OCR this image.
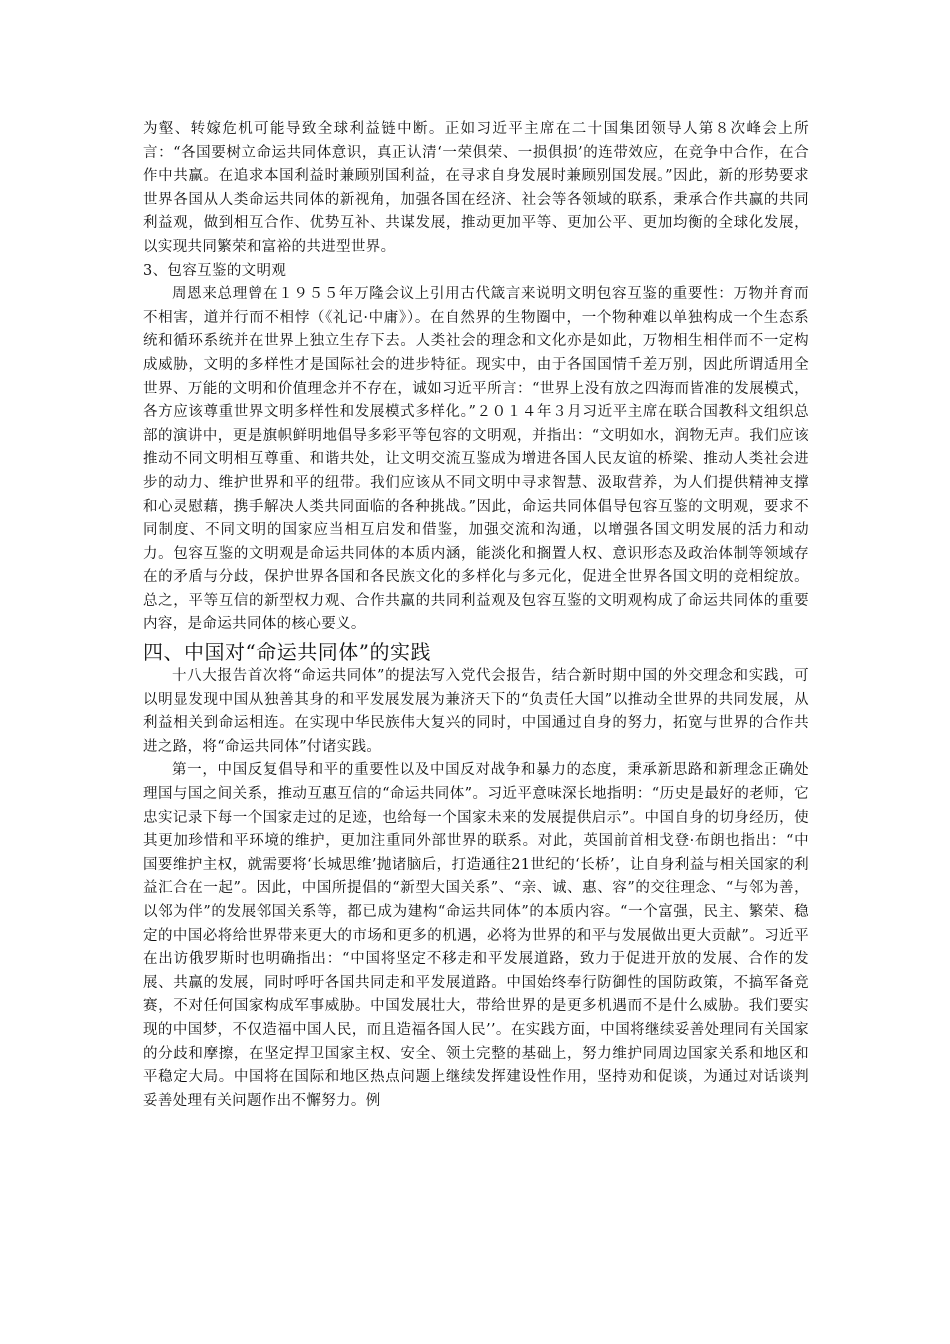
为壑、转嫁危机可能导致全球利益链中断。正如习近平主席在二十国集团领导人第８次峰会上所言：“各国要树立命运共同体意识，真正认清‘一荣俱荣、一损俱损’的连带效应，在竞争中合作，在合作中共赢。在追求本国利益时兼顾别国利益，在寻求自身发展时兼顾别国发展。”因此，新的形势要求世界各国从人类命运共同体的新视角，加强各国在经济、社会等各领域的联系，秉承合作共赢的共同利益观，做到相互合作、优势互补、共谋发展，推动更加平等、更加公平、更加均衡的全球化发展，以实现共同繁荣和富裕的共进型世界。

3、包容互鉴的文明观

周恩来总理曾在１９５５年万隆会议上引用古代箴言来说明文明包容互鉴的重要性：万物并育而不相害，道并行而不相悖（《礼记·中庸》）。在自然界的生物圈中，一个物种难以单独构成一个生态系统和循环系统并在世界上独立生存下去。人类社会的理念和文化亦是如此，万物相生相伴而不一定构成威胁，文明的多样性才是国际社会的进步特征。现实中，由于各国国情千差万别，因此所谓适用全世界、万能的文明和价值理念并不存在，诚如习近平所言：“世界上没有放之四海而皆准的发展模式，各方应该尊重世界文明多样性和发展模式多样化。”２０１４年３月习近平主席在联合国教科文组织总部的演讲中，更是旗帜鲜明地倡导多彩平等包容的文明观，并指出：“文明如水，润物无声。我们应该推动不同文明相互尊重、和谐共处，让文明交流互鉴成为增进各国人民友谊的桥梁、推动人类社会进步的动力、维护世界和平的纽带。我们应该从不同文明中寻求智慧、汲取营养，为人们提供精神支撑和心灵慰藉，携手解决人类共同面临的各种挑战。”因此，命运共同体倡导包容互鉴的文明观，要求不同制度、不同文明的国家应当相互启发和借鉴，加强交流和沟通，以增强各国文明发展的活力和动力。包容互鉴的文明观是命运共同体的本质内涵，能淡化和搁置人权、意识形态及政治体制等领域存在的矛盾与分歧，保护世界各国和各民族文化的多样化与多元化，促进全世界各国文明的竞相绽放。总之，平等互信的新型权力观、合作共赢的共同利益观及包容互鉴的文明观构成了命运共同体的重要内容，是命运共同体的核心要义。

四、中国对“命运共同体”的实践

十八大报告首次将“命运共同体”的提法写入党代会报告，结合新时期中国的外交理念和实践，可以明显发现中国从独善其身的和平发展发展为兼济天下的“负责任大国”以推动全世界的共同发展，从利益相关到命运相连。在实现中华民族伟大复兴的同时，中国通过自身的努力，拓宽与世界的合作共进之路，将“命运共同体”付诸实践。

第一，中国反复倡导和平的重要性以及中国反对战争和暴力的态度，秉承新思路和新理念正确处理国与国之间关系，推动互惠互信的“命运共同体”。习近平意味深长地指明：“历史是最好的老师，它忠实记录下每一个国家走过的足迹，也给每一个国家未来的发展提供启示”。中国自身的切身经历，使其更加珍惜和平环境的维护，更加注重同外部世界的联系。对此，英国前首相戈登·布朗也指出：“中国要维护主权，就需要将‘长城思维’抛诸脑后，打造通往21世纪的‘长桥’，让自身利益与相关国家的利益汇合在一起”。因此，中国所提倡的“新型大国关系”、“亲、诚、惠、容”的交往理念、“与邻为善，以邻为伴”的发展邻国关系等，都已成为建构“命运共同体”的本质内容。“一个富强，民主、繁荣、稳定的中国必将给世界带来更大的市场和更多的机遇，必将为世界的和平与发展做出更大贡献”。习近平在出访俄罗斯时也明确指出：“中国将坚定不移走和平发展道路，致力于促进开放的发展、合作的发展、共赢的发展，同时呼吁各国共同走和平发展道路。中国始终奉行防御性的国防政策，不搞军备竞赛，不对任何国家构成军事威胁。中国发展壮大，带给世界的是更多机遇而不是什么威胁。我们要实现的中国梦，不仅造福中国人民，而且造福各国人民’’。在实践方面，中国将继续妥善处理同有关国家的分歧和摩擦，在坚定捍卫国家主权、安全、领土完整的基础上，努力维护同周边国家关系和地区和平稳定大局。中国将在国际和地区热点问题上继续发挥建设性作用，坚持劝和促谈，为通过对话谈判妥善处理有关问题作出不懈努力。例
